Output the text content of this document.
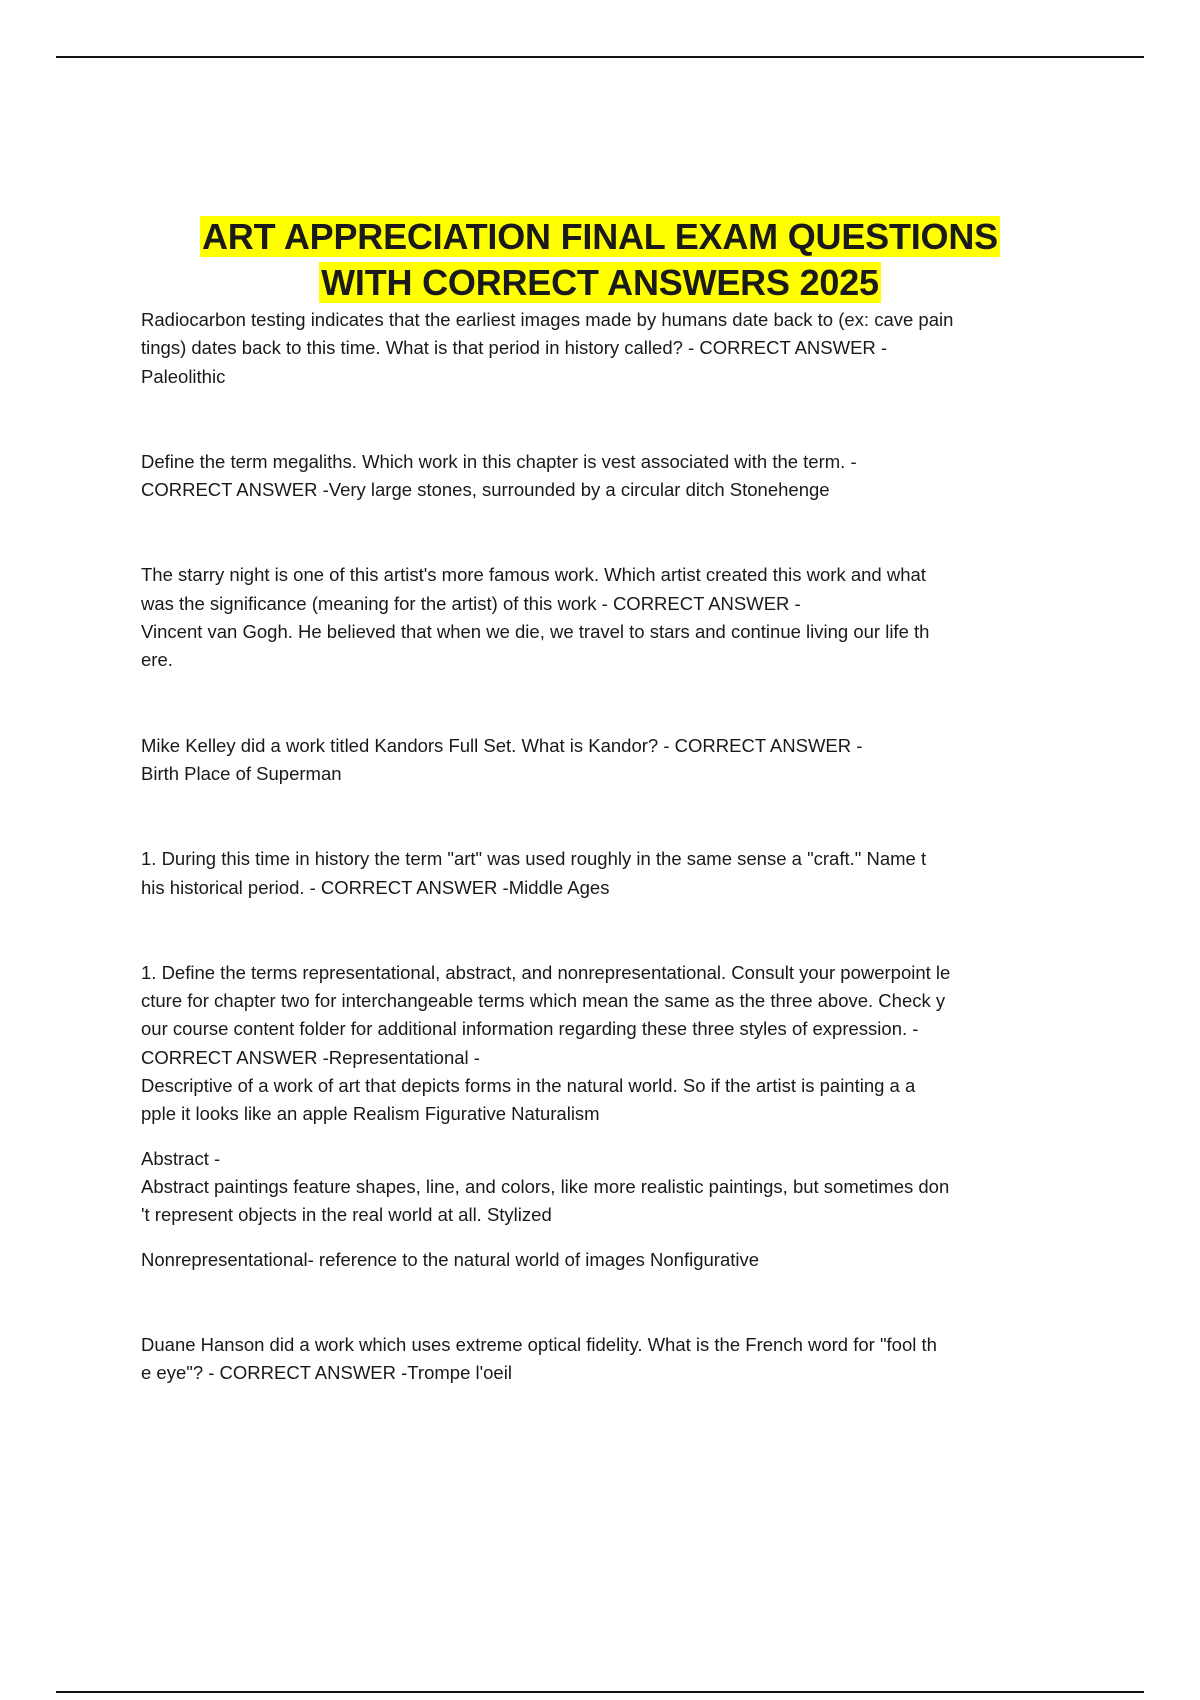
ART APPRECIATION FINAL EXAM QUESTIONS
WITH CORRECT ANSWERS 2025

Radiocarbon testing indicates that the earliest images made by humans date back to (ex: cave pain
tings) dates back to this time. What is that period in history called? - CORRECT ANSWER -
Paleolithic

Define the term megaliths. Which work in this chapter is vest associated with the term. -
CORRECT ANSWER -Very large stones, surrounded by a circular ditch Stonehenge

The starry night is one of this artist's more famous work. Which artist created this work and what
was the significance (meaning for the artist) of this work - CORRECT ANSWER -
Vincent van Gogh. He believed that when we die, we travel to stars and continue living our life th
ere.

Mike Kelley did a work titled Kandors Full Set. What is Kandor? - CORRECT ANSWER -
Birth Place of Superman

1. During this time in history the term "art" was used roughly in the same sense a "craft." Name t
his historical period. - CORRECT ANSWER -Middle Ages

1. Define the terms representational, abstract, and nonrepresentational. Consult your powerpoint le
cture for chapter two for interchangeable terms which mean the same as the three above. Check y
our course content folder for additional information regarding these three styles of expression. -
CORRECT ANSWER -Representational -
Descriptive of a work of art that depicts forms in the natural world. So if the artist is painting a a
pple it looks like an apple Realism Figurative Naturalism

Abstract -
Abstract paintings feature shapes, line, and colors, like more realistic paintings, but sometimes don
't represent objects in the real world at all. Stylized

Nonrepresentational- reference to the natural world of images Nonfigurative

Duane Hanson did a work which uses extreme optical fidelity. What is the French word for "fool th
e eye"? - CORRECT ANSWER -Trompe l'oeil
